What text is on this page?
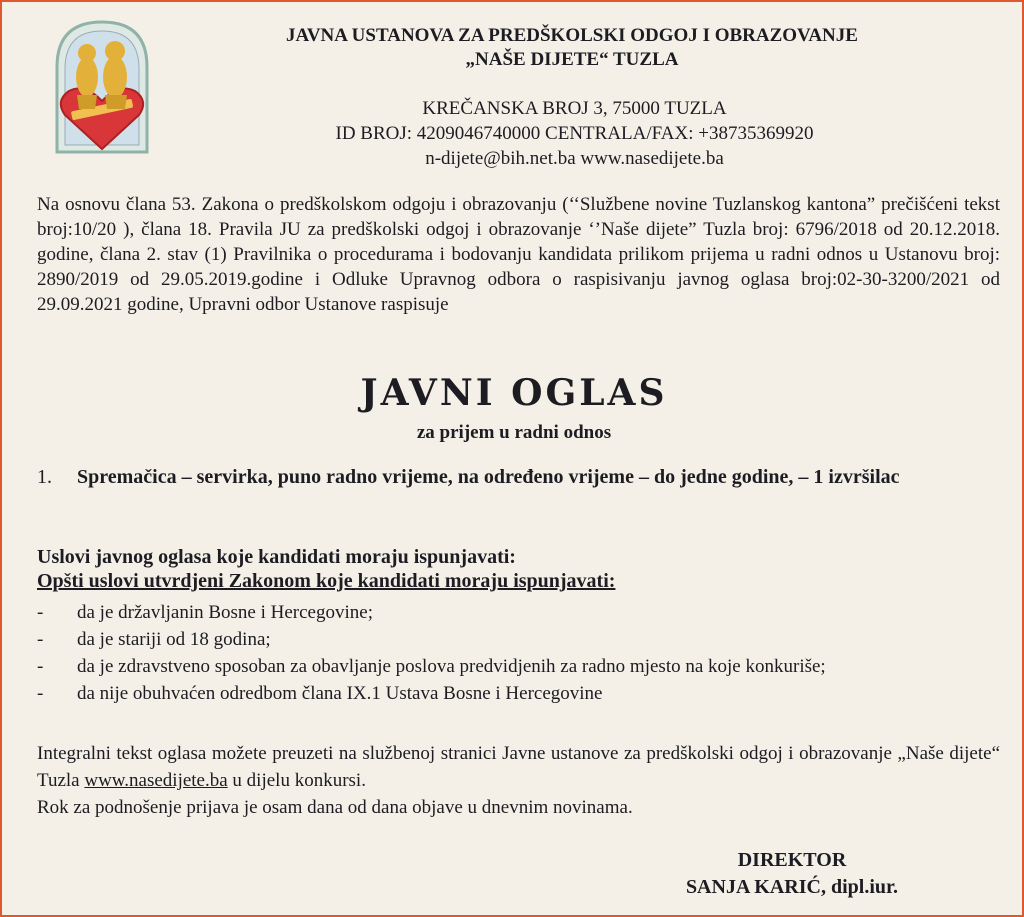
JAVNA USTANOVA ZA PREDŠKOLSKI ODGOJ I OBRAZOVANJE
„NAŠE DIJETE“ TUZLA
KREČANSKA BROJ 3, 75000 TUZLA
ID BROJ: 4209046740000 CENTRALA/FAX: +38735369920
n-dijete@bih.net.ba www.nasedijete.ba
Na osnovu člana 53. Zakona o predškolskom odgoju i obrazovanju (‘‘Službene novine Tuzlanskog kantona” prečišćeni tekst broj:10/20 ), člana 18. Pravila JU za predškolski odgoj i obrazovanje ‘’Naše dijete” Tuzla broj: 6796/2018 od 20.12.2018. godine, člana 2. stav (1) Pravilnika o procedurama i bodovanju kandidata prilikom prijema u radni odnos u Ustanovu broj: 2890/2019 od 29.05.2019.godine i Odluke Upravnog odbora o raspisivanju javnog oglasa broj:02-30-3200/2021 od 29.09.2021 godine, Upravni odbor Ustanove raspisuje
JAVNI OGLAS
za prijem u radni odnos
1.	Spremačica – servirka, puno radno vrijeme, na određeno vrijeme – do jedne godine, – 1 izvršilac
Uslovi javnog oglasa koje kandidati moraju ispunjavati:
Opšti uslovi utvrdjeni Zakonom koje kandidati moraju ispunjavati:
-	da je državljanin Bosne i Hercegovine;
-	da je stariji od 18 godina;
-	da je zdravstveno sposoban za obavljanje poslova predvidjenih za radno mjesto na koje konkuriše;
-	da nije obuhvaćen odredbom člana IX.1 Ustava Bosne i Hercegovine
Integralni tekst oglasa možete preuzeti na službenoj stranici Javne ustanove za predškolski odgoj i obrazovanje „Naše dijete“ Tuzla www.nasedijete.ba u dijelu konkursi.
Rok za podnošenje prijava je osam dana od dana objave u dnevnim novinama.
DIREKTOR
SANJA KARIĆ, dipl.iur.
